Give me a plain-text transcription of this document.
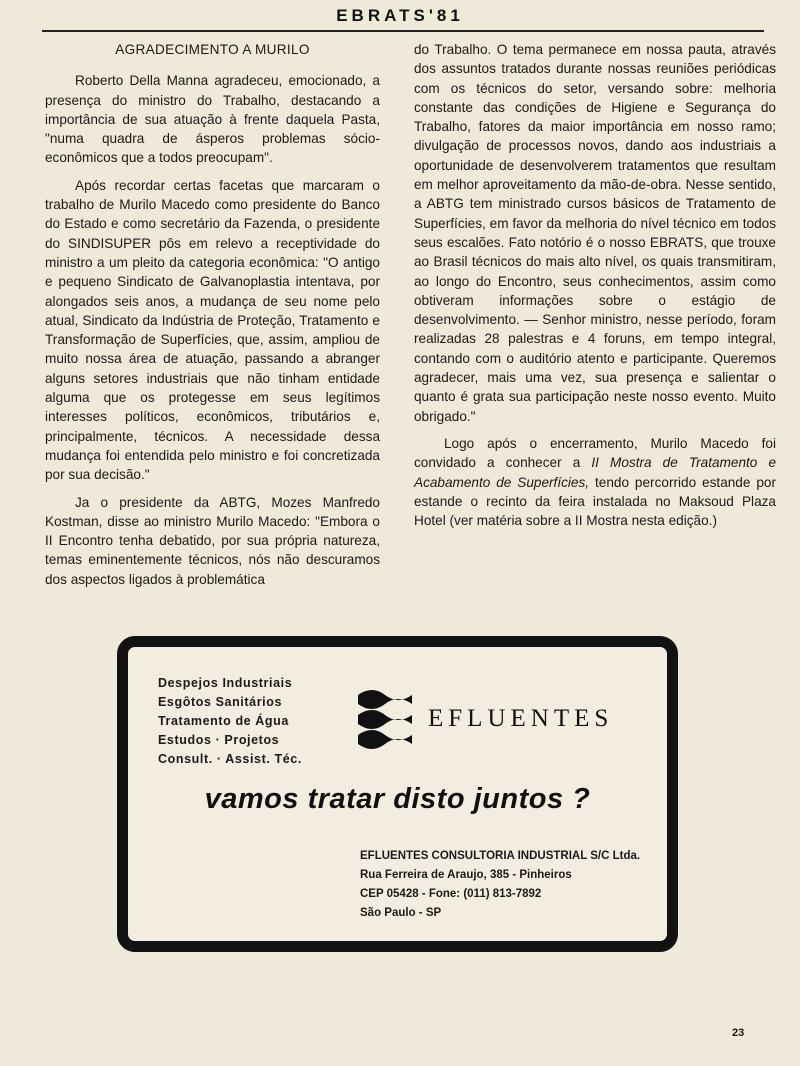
EBRATS'81
AGRADECIMENTO A MURILO

Roberto Della Manna agradeceu, emocionado, a presença do ministro do Trabalho, destacando a importância de sua atuação à frente daquela Pasta, "numa quadra de ásperos problemas sócio-econômicos que a todos preocupam".

Após recordar certas facetas que marcaram o trabalho de Murilo Macedo como presidente do Banco do Estado e como secretário da Fazenda, o presidente do SINDISUPER pôs em relevo a receptividade do ministro a um pleito da categoria econômica: "O antigo e pequeno Sindicato de Galvanoplastia intentava, por alongados seis anos, a mudança de seu nome pelo atual, Sindicato da Indústria de Proteção, Tratamento e Transformação de Superfícies, que, assim, ampliou de muito nossa área de atuação, passando a abranger alguns setores industriais que não tinham entidade alguma que os protegesse em seus legítimos interesses políticos, econômicos, tributários e, principalmente, técnicos. A necessidade dessa mudança foi entendida pelo ministro e foi concretizada por sua decisão."

Ja o presidente da ABTG, Mozes Manfredo Kostman, disse ao ministro Murilo Macedo: "Embora o II Encontro tenha debatido, por sua própria natureza, temas eminentemente técnicos, nós não descuramos dos aspectos ligados à problemática

do Trabalho. O tema permanece em nossa pauta, através dos assuntos tratados durante nossas reuniões periódicas com os técnicos do setor, versando sobre: melhoria constante das condições de Higiene e Segurança do Trabalho, fatores da maior importância em nosso ramo; divulgação de processos novos, dando aos industriais a oportunidade de desenvolverem tratamentos que resultam em melhor aproveitamento da mão-de-obra. Nesse sentido, a ABTG tem ministrado cursos básicos de Tratamento de Superfícies, em favor da melhoria do nível técnico em todos seus escalões. Fato notório é o nosso EBRATS, que trouxe ao Brasil técnicos do mais alto nível, os quais transmitiram, ao longo do Encontro, seus conhecimentos, assim como obtiveram informações sobre o estágio de desenvolvimento. — Senhor ministro, nesse período, foram realizadas 28 palestras e 4 foruns, em tempo integral, contando com o auditório atento e participante. Queremos agradecer, mais uma vez, sua presença e salientar o quanto é grata sua participação neste nosso evento. Muito obrigado."

Logo após o encerramento, Murilo Macedo foi convidado a conhecer a II Mostra de Tratamento e Acabamento de Superfícies, tendo percorrido estande por estande o recinto da feira instalada no Maksoud Plaza Hotel (ver matéria sobre a II Mostra nesta edição.)

Despejos Industriais
Esgôtos Sanitários
Tratamento de Água
Estudos · Projetos
Consult. · Assist. Téc.
EFLUENTES
vamos tratar disto juntos ?
EFLUENTES CONSULTORIA INDUSTRIAL S/C Ltda.
Rua Ferreira de Araujo, 385 - Pinheiros
CEP 05428 - Fone: (011) 813-7892
São Paulo - SP
23
